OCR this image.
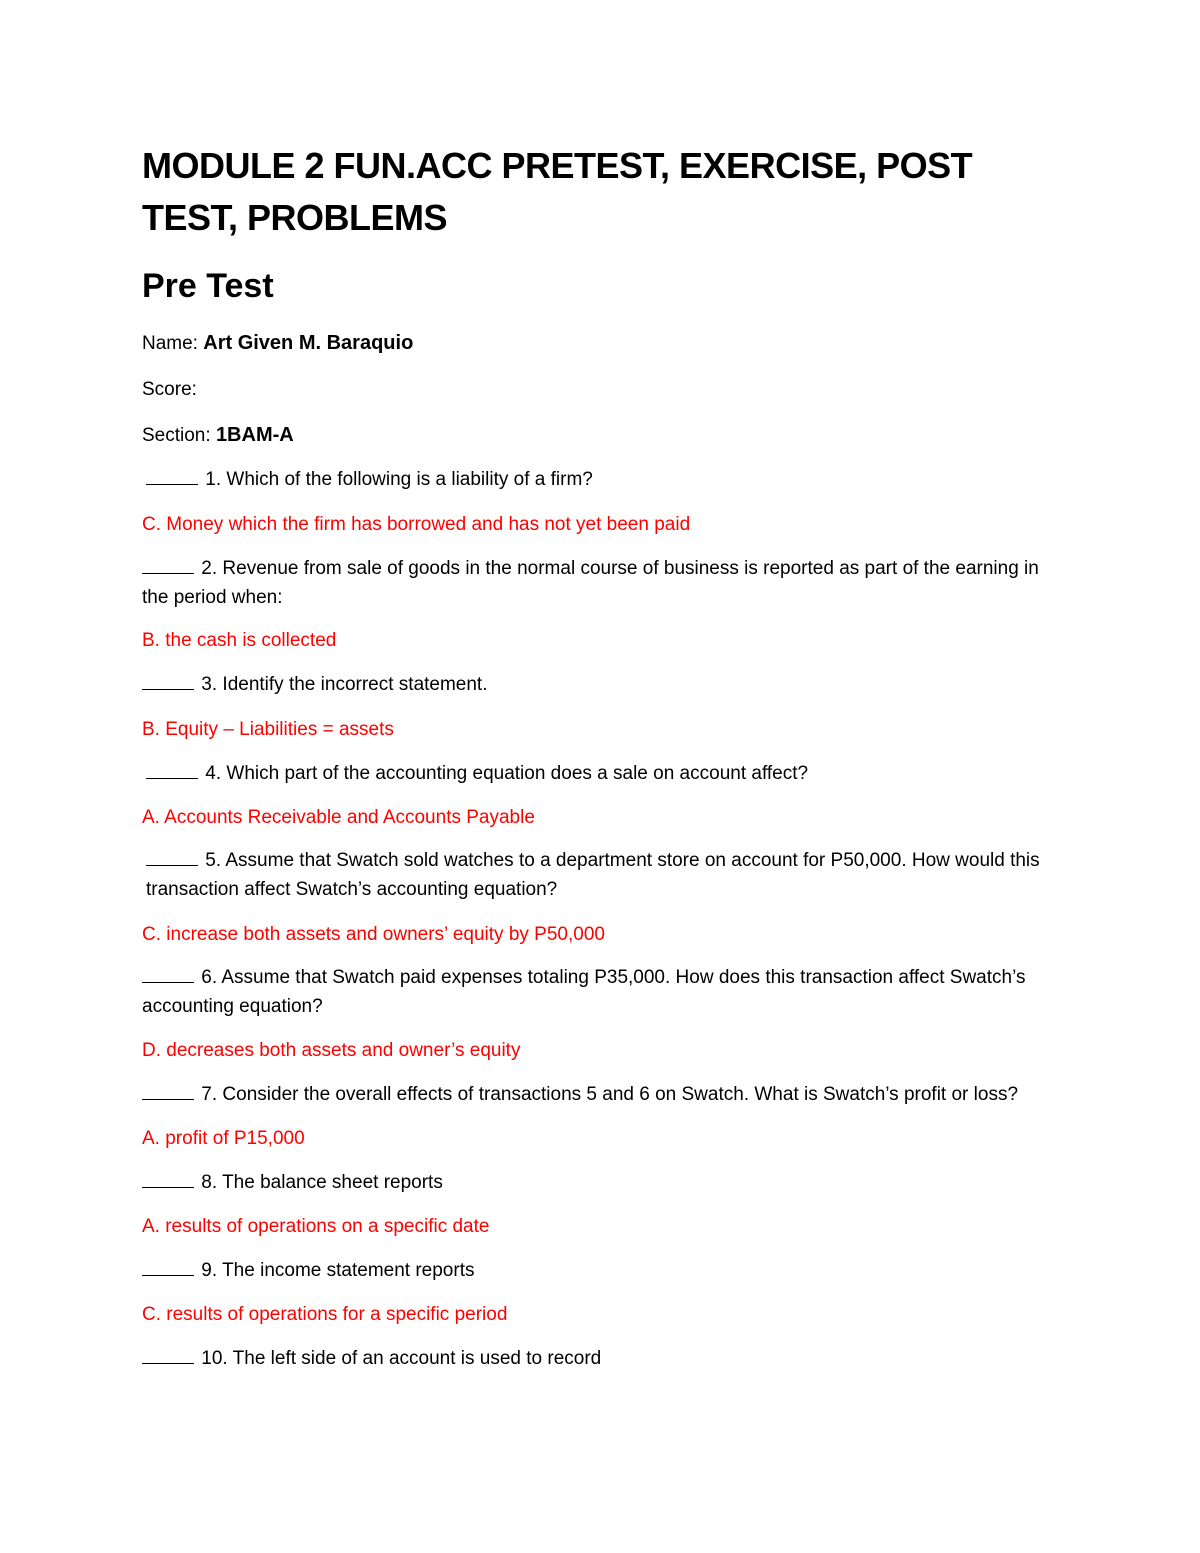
MODULE 2 FUN.ACC PRETEST, EXERCISE, POST TEST, PROBLEMS
Pre Test
Name: Art Given M. Baraquio
Score:
Section: 1BAM-A
1. Which of the following is a liability of a firm?
C. Money which the firm has borrowed and has not yet been paid
2. Revenue from sale of goods in the normal course of business is reported as part of the earning in the period when:
B. the cash is collected
3. Identify the incorrect statement.
B. Equity – Liabilities = assets
4. Which part of the accounting equation does a sale on account affect?
A. Accounts Receivable and Accounts Payable
5. Assume that Swatch sold watches to a department store on account for P50,000. How would this transaction affect Swatch’s accounting equation?
C. increase both assets and owners’ equity by P50,000
6. Assume that Swatch paid expenses totaling P35,000. How does this transaction affect Swatch’s accounting equation?
D. decreases both assets and owner’s equity
7. Consider the overall effects of transactions 5 and 6 on Swatch. What is Swatch’s profit or loss?
A. profit of P15,000
8. The balance sheet reports
A. results of operations on a specific date
9. The income statement reports
C. results of operations for a specific period
10. The left side of an account is used to record
